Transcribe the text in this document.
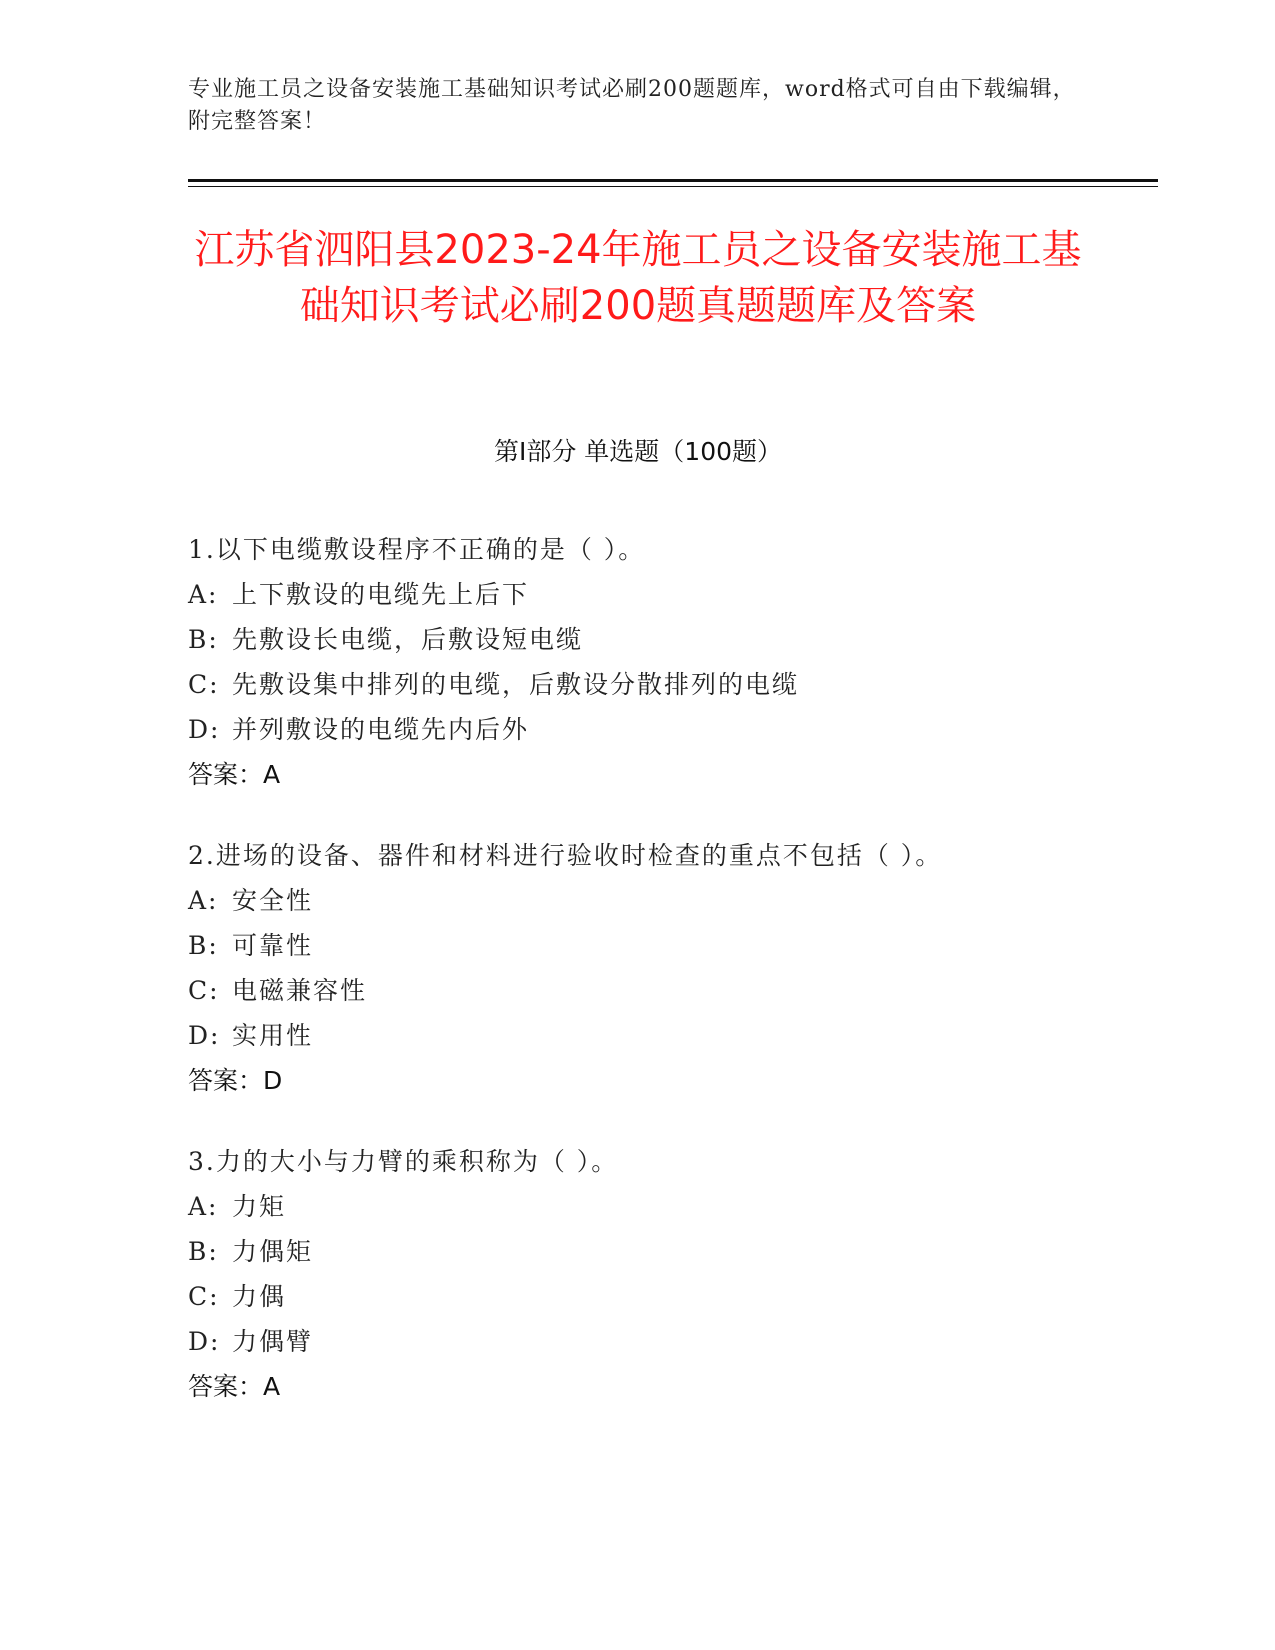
专业施工员之设备安装施工基础知识考试必刷200题题库，word格式可自由下载编辑，附完整答案！
江苏省泗阳县2023-24年施工员之设备安装施工基础知识考试必刷200题真题题库及答案
第Ⅰ部分 单选题（100题）
1.以下电缆敷设程序不正确的是（ ）。
A: 上下敷设的电缆先上后下
B: 先敷设长电缆，后敷设短电缆
C: 先敷设集中排列的电缆，后敷设分散排列的电缆
D: 并列敷设的电缆先内后外
答案：A
2.进场的设备、器件和材料进行验收时检查的重点不包括（ ）。
A: 安全性
B: 可靠性
C: 电磁兼容性
D: 实用性
答案：D
3.力的大小与力臂的乘积称为（ ）。
A: 力矩
B: 力偶矩
C: 力偶
D: 力偶臂
答案：A
